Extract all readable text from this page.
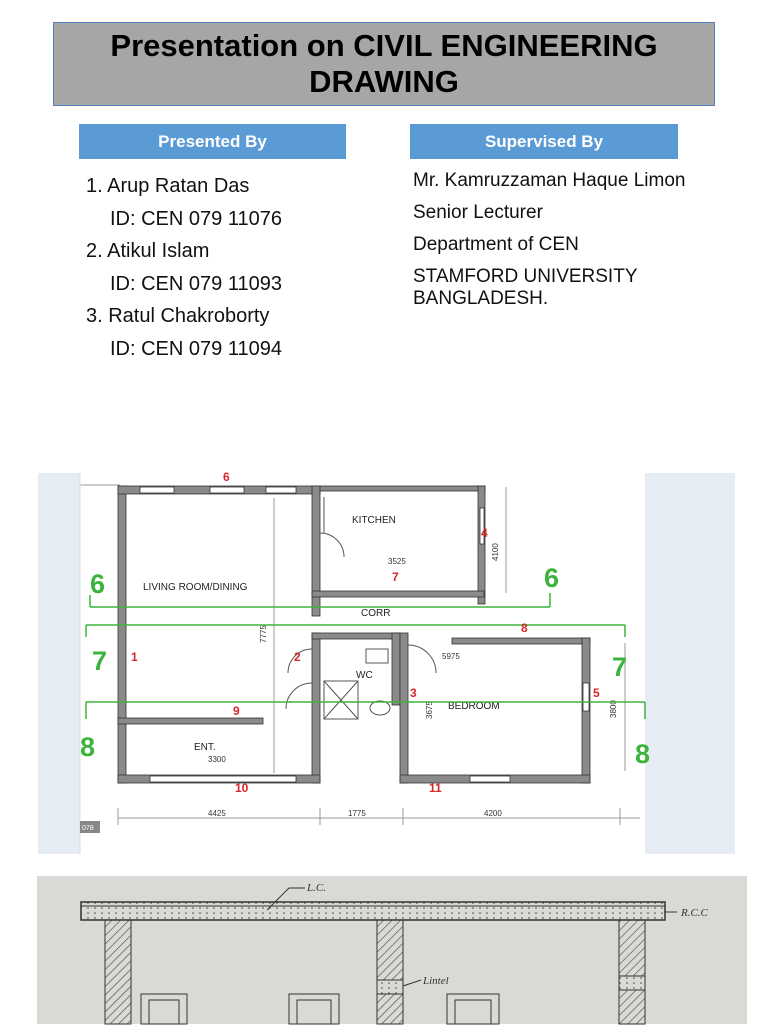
Presentation on CIVIL ENGINEERING DRAWING
Presented By	Supervised By
1. Arup Ratan Das
ID: CEN 079 11076
2. Atikul Islam
ID: CEN 079 11093
3. Ratul Chakroborty
ID: CEN 079 11094
Mr. Kamruzzaman Haque Limon
Senior Lecturer
Department of CEN
STAMFORD UNIVERSITY BANGLADESH.
KITCHEN
LIVING ROOM/DINING
CORR
WC
BEDROOM
ENT.
3525
4100
7775
5975
3675	3800
3300
4425	1775	4200
6	6
7	7
8	8
1	2
3
4
5
6
7
8
9
10	11
078
L.C.
R.C.C
Lintel
